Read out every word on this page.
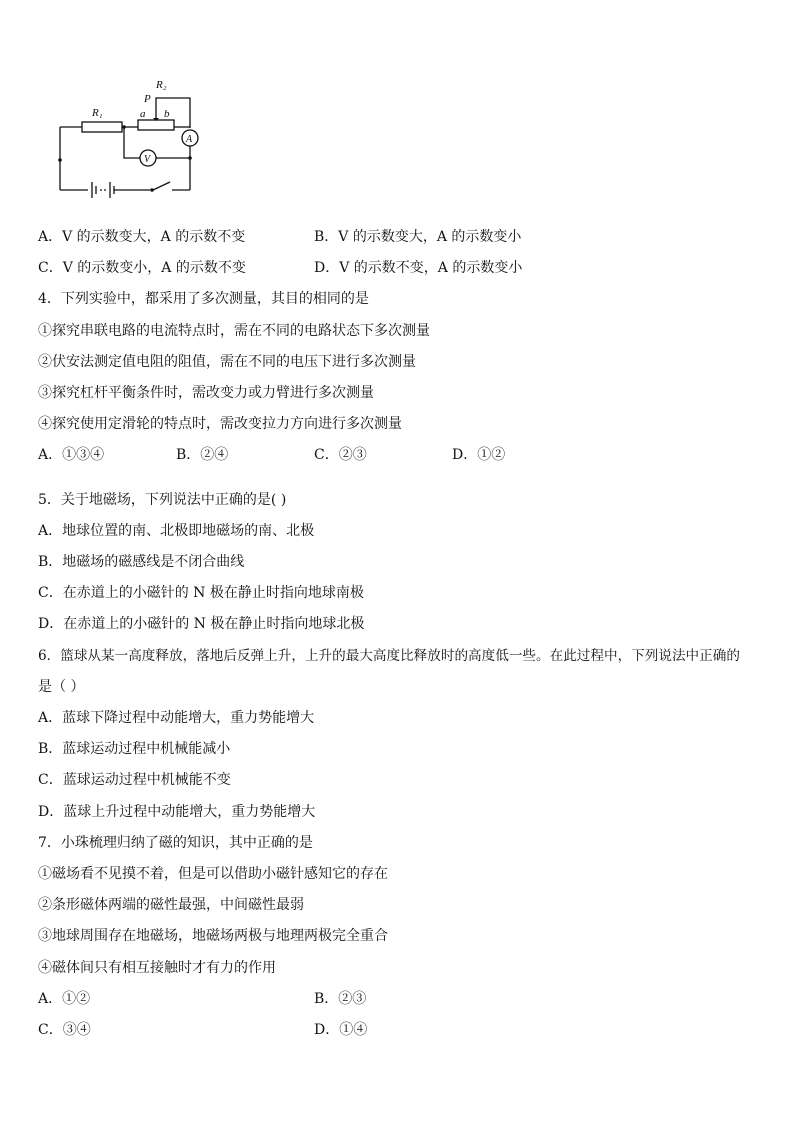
R₁
R₂
P
a b
A
V
A．V 的示数变大，A 的示数不变	B．V 的示数变大，A 的示数变小
C．V 的示数变小，A 的示数不变	D．V 的示数不变，A 的示数变小
4．下列实验中，都采用了多次测量，其目的相同的是
①探究串联电路的电流特点时，需在不同的电路状态下多次测量
②伏安法测定值电阻的阻值，需在不同的电压下进行多次测量
③探究杠杆平衡条件时，需改变力或力臂进行多次测量
④探究使用定滑轮的特点时，需改变拉力方向进行多次测量
A．①③④	B．②④	C．②③	D．①②
5．关于地磁场，下列说法中正确的是( )
A．地球位置的南、北极即地磁场的南、北极
B．地磁场的磁感线是不闭合曲线
C．在赤道上的小磁针的 N 极在静止时指向地球南极
D．在赤道上的小磁针的 N 极在静止时指向地球北极
6．篮球从某一高度释放，落地后反弹上升，上升的最大高度比释放时的高度低一些。在此过程中，下列说法中正确的
是（ ）
A．蓝球下降过程中动能增大，重力势能增大
B．蓝球运动过程中机械能减小
C．蓝球运动过程中机械能不变
D．蓝球上升过程中动能增大，重力势能增大
7．小珠梳理归纳了磁的知识，其中正确的是
①磁场看不见摸不着，但是可以借助小磁针感知它的存在
②条形磁体两端的磁性最强，中间磁性最弱
③地球周围存在地磁场，地磁场两极与地理两极完全重合
④磁体间只有相互接触时才有力的作用
A．①②	B．②③
C．③④	D．①④
